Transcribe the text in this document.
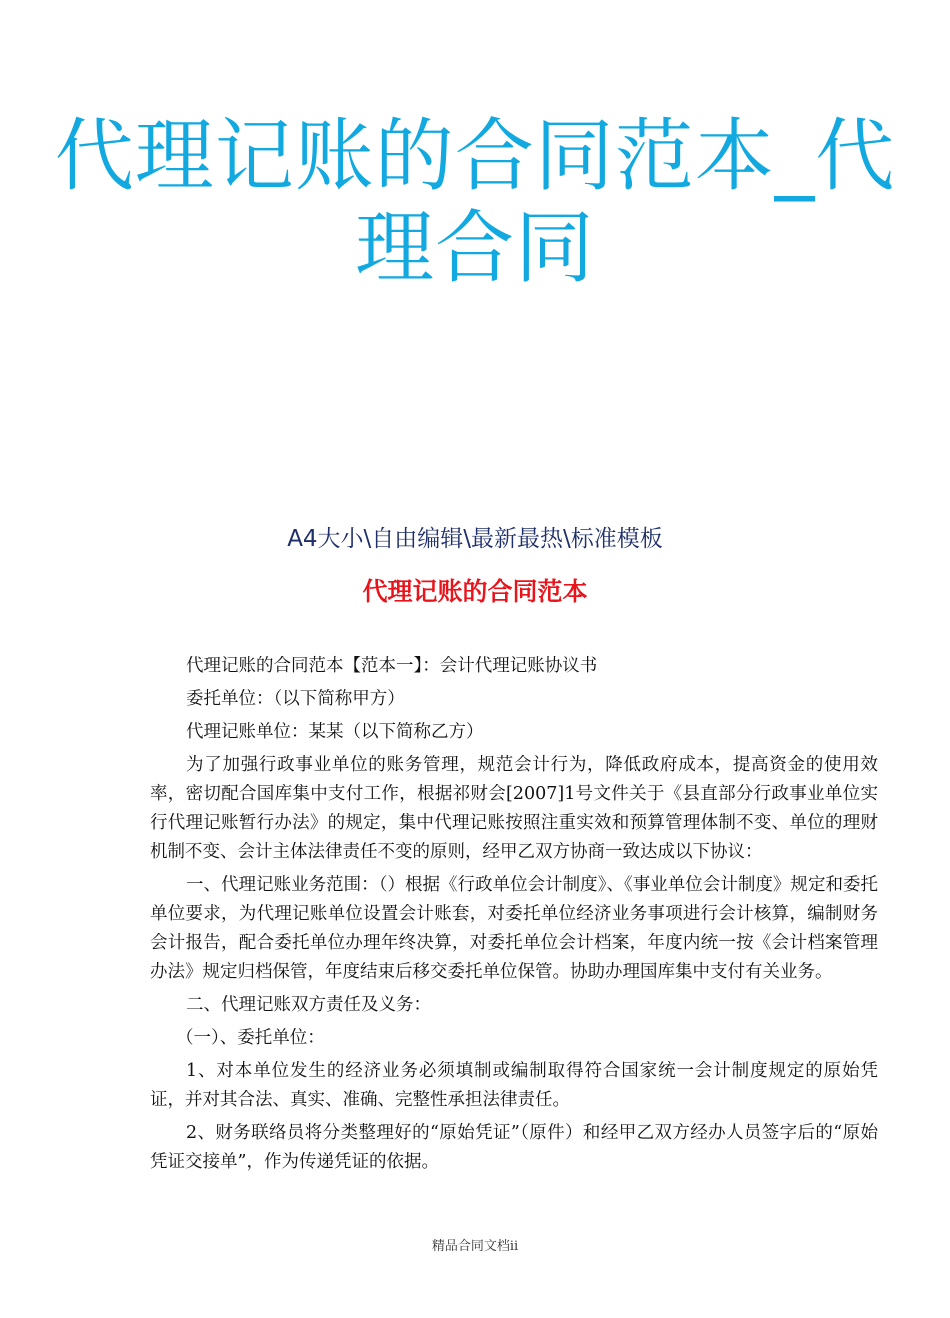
代理记账的合同范本_代理合同
A4大小\自由编辑\最新最热\标准模板
代理记账的合同范本

代理记账的合同范本【范本一】：会计代理记账协议书

委托单位：（以下简称甲方）

代理记账单位：某某（以下简称乙方）

为了加强行政事业单位的账务管理，规范会计行为，降低政府成本，提高资金的使用效率，密切配合国库集中支付工作，根据祁财会[2007]1号文件关于《县直部分行政事业单位实行代理记账暂行办法》的规定，集中代理记账按照注重实效和预算管理体制不变、单位的理财机制不变、会计主体法律责任不变的原则，经甲乙双方协商一致达成以下协议：

一、代理记账业务范围：（）根据《行政单位会计制度》、《事业单位会计制度》规定和委托单位要求，为代理记账单位设置会计账套，对委托单位经济业务事项进行会计核算，编制财务会计报告，配合委托单位办理年终决算，对委托单位会计档案，年度内统一按《会计档案管理办法》规定归档保管，年度结束后移交委托单位保管。协助办理国库集中支付有关业务。

二、代理记账双方责任及义务：

（一）、委托单位：

1、对本单位发生的经济业务必须填制或编制取得符合国家统一会计制度规定的原始凭证，并对其合法、真实、准确、完整性承担法律责任。

2、财务联络员将分类整理好的“原始凭证”（原件）和经甲乙双方经办人员签字后的“原始凭证交接单”，作为传递凭证的依据。

精品合同文档ii
